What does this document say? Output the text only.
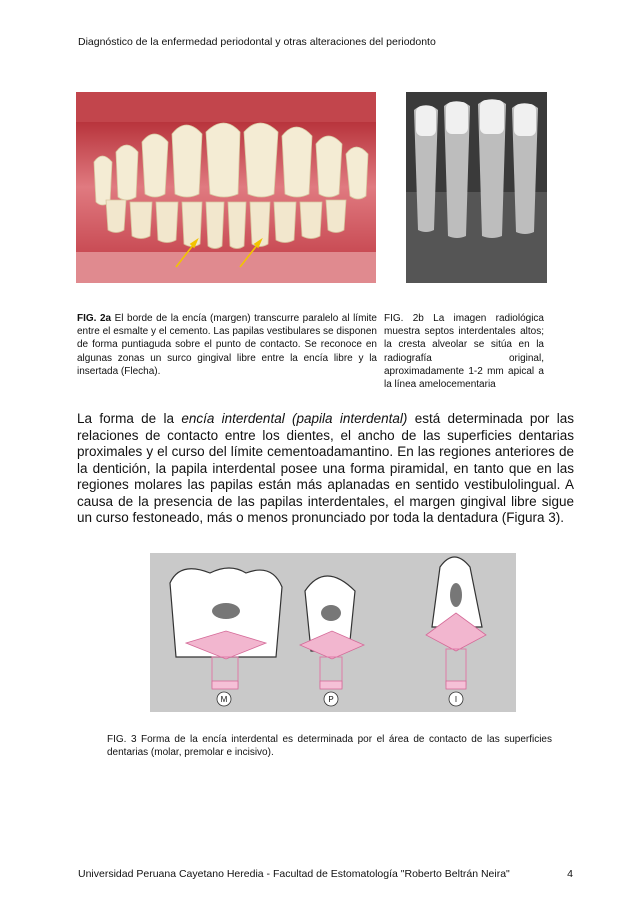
Diagnóstico de la enfermedad periodontal y otras alteraciones del periodonto
FIG. 2a El borde de la encía (margen) transcurre paralelo al límite entre el esmalte y el cemento. Las papilas vestibulares se disponen de forma puntiaguda sobre el punto de contacto. Se reconoce en algunas zonas un surco gingival libre entre la encía libre y la insertada (Flecha).
FIG. 2b La imagen radiológica muestra septos interdentales altos; la cresta alveolar se sitúa en la radiografía original, aproximadamente 1-2 mm apical a la línea amelocementaria
La forma de la encía interdental (papila interdental) está determinada por las relaciones de contacto entre los dientes, el ancho de las superficies dentarias proximales y el curso del límite cementoadamantino. En las regiones anteriores de la dentición, la papila interdental posee una forma piramidal, en tanto que en las regiones molares las papilas están más aplanadas en sentido vestibulolingual. A causa de la presencia de las papilas interdentales, el margen gingival libre sigue un curso festoneado, más o menos pronunciado por toda la dentadura (Figura 3).
M	P	I
FIG. 3 Forma de la encía interdental es determinada por el área de contacto de las superficies dentarias (molar, premolar e incisivo).
Universidad Peruana Cayetano Heredia - Facultad de Estomatología "Roberto Beltrán Neira"	4
